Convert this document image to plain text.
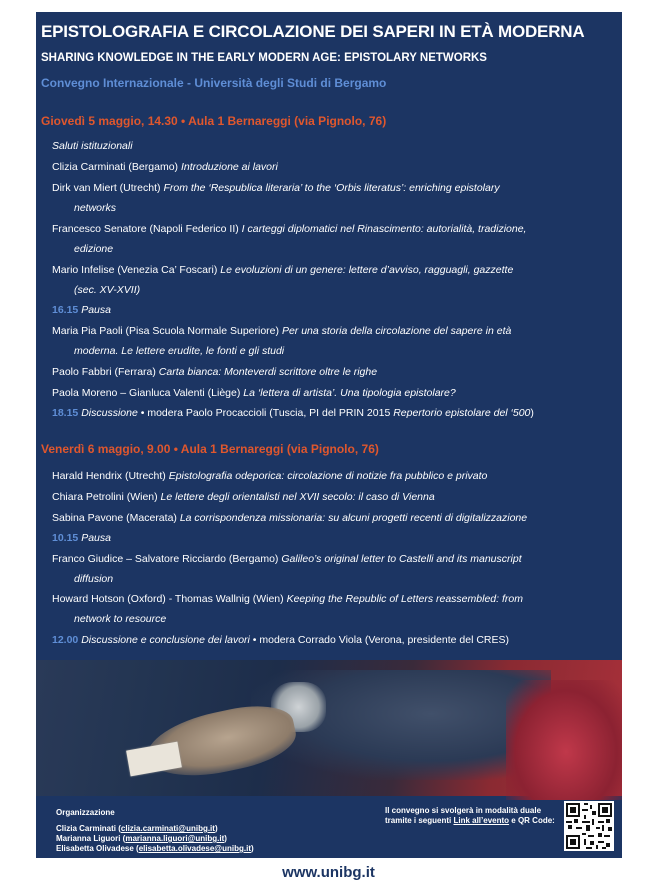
EPISTOLOGRAFIA E CIRCOLAZIONE DEI SAPERI IN ETÀ MODERNA
SHARING KNOWLEDGE IN THE EARLY MODERN AGE: EPISTOLARY NETWORKS
Convegno Internazionale - Università degli Studi di Bergamo
Giovedì 5 maggio, 14.30 • Aula 1 Bernareggi (via Pignolo, 76)
Saluti istituzionali
Clizia Carminati (Bergamo) Introduzione ai lavori
Dirk van Miert (Utrecht) From the ‘Respublica literaria’ to the ‘Orbis literatus’: enriching epistolary
networks
Francesco Senatore (Napoli Federico II) I carteggi diplomatici nel Rinascimento: autorialità, tradizione,
edizione
Mario Infelise (Venezia Ca’ Foscari) Le evoluzioni di un genere: lettere d’avviso, ragguagli, gazzette
(sec. XV-XVII)
16.15 Pausa
Maria Pia Paoli (Pisa Scuola Normale Superiore) Per una storia della circolazione del sapere in età
moderna. Le lettere erudite, le fonti e gli studi
Paolo Fabbri (Ferrara) Carta bianca: Monteverdi scrittore oltre le righe
Paola Moreno – Gianluca Valenti (Liège) La ‘lettera di artista’. Una tipologia epistolare?
18.15 Discussione • modera Paolo Procaccioli (Tuscia, PI del PRIN 2015 Repertorio epistolare del ‘500)
Venerdì 6 maggio, 9.00 • Aula 1 Bernareggi (via Pignolo, 76)
Harald Hendrix (Utrecht) Epistolografia odeporica: circolazione di notizie fra pubblico e privato
Chiara Petrolini (Wien) Le lettere degli orientalisti nel XVII secolo: il caso di Vienna
Sabina Pavone (Macerata) La corrispondenza missionaria: su alcuni progetti recenti di digitalizzazione
10.15 Pausa
Franco Giudice – Salvatore Ricciardo (Bergamo) Galileo’s original letter to Castelli and its manuscript
diffusion
Howard Hotson (Oxford) - Thomas Wallnig (Wien) Keeping the Republic of Letters reassembled: from
network to resource
12.00 Discussione e conclusione dei lavori • modera Corrado Viola (Verona, presidente del CRES)
Organizzazione
Clizia Carminati (clizia.carminati@unibg.it)
Marianna Liguori (marianna.liguori@unibg.it)
Elisabetta Olivadese (elisabetta.olivadese@unibg.it)
Il convegno si svolgerà in modalità duale tramite i seguenti Link all’evento e QR Code:
www.unibg.it
